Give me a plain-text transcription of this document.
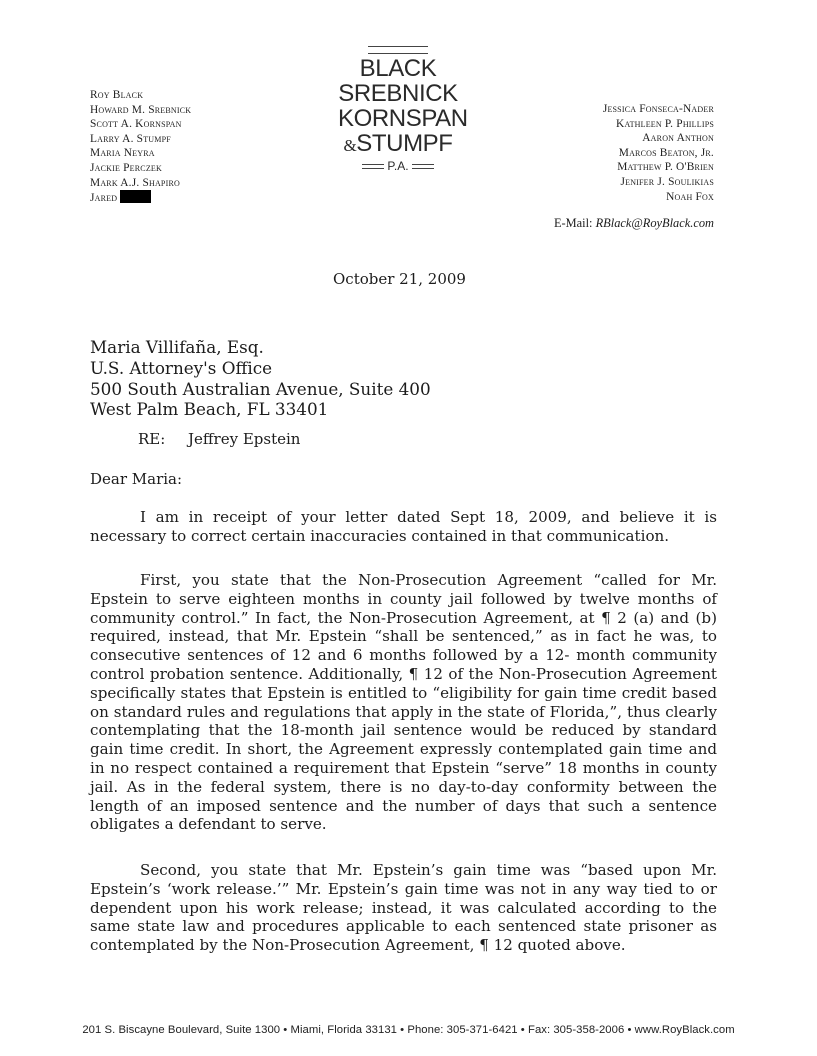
Roy Black
Howard M. Srebnick
Scott A. Kornspan
Larry A. Stumpf
Maria Neyra
Jackie Perczek
Mark A.J. Shapiro
Jared
BLACK
SREBNICK
KORNSPAN
&STUMPF
P.A.
Jessica Fonseca-Nader
Kathleen P. Phillips
Aaron Anthon
Marcos Beaton, Jr.
Matthew P. O'Brien
Jenifer J. Soulikias
Noah Fox
E-Mail: RBlack@RoyBlack.com
October 21, 2009
Maria Villifaña, Esq.
U.S. Attorney's Office
500 South Australian Avenue, Suite 400
West Palm Beach, FL 33401
RE: Jeffrey Epstein
Dear Maria:

I am in receipt of your letter dated Sept 18, 2009, and believe it is necessary to correct certain inaccuracies contained in that communication.

First, you state that the Non-Prosecution Agreement “called for Mr. Epstein to serve eighteen months in county jail followed by twelve months of community control.” In fact, the Non-Prosecution Agreement, at ¶ 2 (a) and (b) required, instead, that Mr. Epstein “shall be sentenced,” as in fact he was, to consecutive sentences of 12 and 6 months followed by a 12- month community control probation sentence. Additionally, ¶ 12 of the Non-Prosecution Agreement specifically states that Epstein is entitled to “eligibility for gain time credit based on standard rules and regulations that apply in the state of Florida,”, thus clearly contemplating that the 18-month jail sentence would be reduced by standard gain time credit. In short, the Agreement expressly contemplated gain time and in no respect contained a requirement that Epstein “serve” 18 months in county jail. As in the federal system, there is no day-to-day conformity between the length of an imposed sentence and the number of days that such a sentence obligates a defendant to serve.

Second, you state that Mr. Epstein’s gain time was “based upon Mr. Epstein’s ‘work release.’” Mr. Epstein’s gain time was not in any way tied to or dependent upon his work release; instead, it was calculated according to the same state law and procedures applicable to each sentenced state prisoner as contemplated by the Non-Prosecution Agreement, ¶ 12 quoted above.

201 S. Biscayne Boulevard, Suite 1300 • Miami, Florida 33131 • Phone: 305-371-6421 • Fax: 305-358-2006 • www.RoyBlack.com
